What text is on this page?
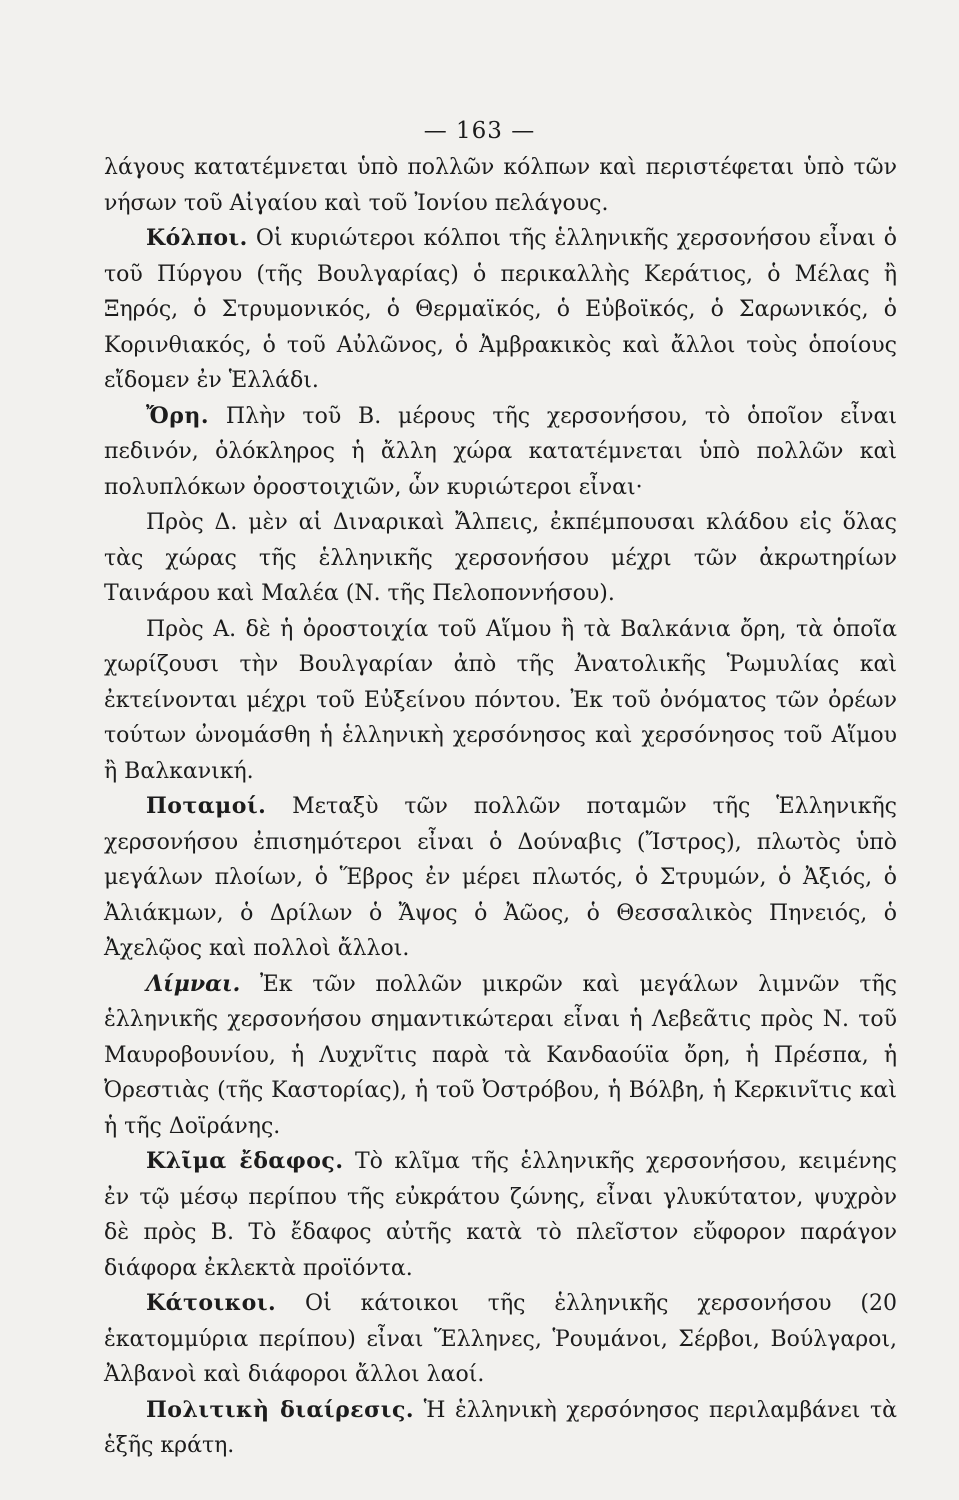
— 163 —

λάγους κατατέμνεται ὑπὸ πολλῶν κόλπων καὶ περιστέφεται ὑπὸ τῶν νήσων τοῦ Αἰγαίου καὶ τοῦ Ἰονίου πελάγους.

Κόλποι. Οἱ κυριώτεροι κόλποι τῆς ἑλληνικῆς χερσονήσου εἶναι ὁ τοῦ Πύργου (τῆς Βουλγαρίας) ὁ περικαλλὴς Κεράτιος, ὁ Μέλας ἢ Ξηρός, ὁ Στρυμονικός, ὁ Θερμαϊκός, ὁ Εὐβοϊκός, ὁ Σαρωνικός, ὁ Κορινθιακός, ὁ τοῦ Αὐλῶνος, ὁ Ἀμβρακικὸς καὶ ἄλλοι τοὺς ὁποίους εἴδομεν ἐν Ἑλλάδι.

Ὄρη. Πλὴν τοῦ Β. μέρους τῆς χερσονήσου, τὸ ὁποῖον εἶναι πεδινόν, ὁλόκληρος ἡ ἄλλη χώρα κατατέμνεται ὑπὸ πολλῶν καὶ πολυπλόκων ὀροστοιχιῶν, ὧν κυριώτεροι εἶναι·

Πρὸς Δ. μὲν αἱ Διναρικαὶ Ἄλπεις, ἐκπέμπουσαι κλάδου εἰς ὅλας τὰς χώρας τῆς ἑλληνικῆς χερσονήσου μέχρι τῶν ἀκρωτηρίων Ταινάρου καὶ Μαλέα (Ν. τῆς Πελοποννήσου).

Πρὸς Α. δὲ ἡ ὀροστοιχία τοῦ Αἵμου ἢ τὰ Βαλκάνια ὄρη, τὰ ὁποῖα χωρίζουσι τὴν Βουλγαρίαν ἀπὸ τῆς Ἀνατολικῆς Ῥωμυλίας καὶ ἐκτείνονται μέχρι τοῦ Εὐξείνου πόντου. Ἐκ τοῦ ὀνόματος τῶν ὀρέων τούτων ὠνομάσθη ἡ ἑλληνικὴ χερσόνησος καὶ χερσόνησος τοῦ Αἵμου ἢ Βαλκανική.

Ποταμοί. Μεταξὺ τῶν πολλῶν ποταμῶν τῆς Ἑλληνικῆς χερσονήσου ἐπισημότεροι εἶναι ὁ Δούναβις (Ἴστρος), πλωτὸς ὑπὸ μεγάλων πλοίων, ὁ Ἕβρος ἐν μέρει πλωτός, ὁ Στρυμών, ὁ Ἀξιός, ὁ Ἀλιάκμων, ὁ Δρίλων ὁ Ἄψος ὁ Ἀῶος, ὁ Θεσσαλικὸς Πηνειός, ὁ Ἀχελῷος καὶ πολλοὶ ἄλλοι.

Λίμναι. Ἐκ τῶν πολλῶν μικρῶν καὶ μεγάλων λιμνῶν τῆς ἑλληνικῆς χερσονήσου σημαντικώτεραι εἶναι ἡ Λεβεᾶτις πρὸς Ν. τοῦ Μαυροβουνίου, ἡ Λυχνῖτις παρὰ τὰ Κανδαούϊα ὄρη, ἡ Πρέσπα, ἡ Ὀρεστιὰς (τῆς Καστορίας), ἡ τοῦ Ὀστρόβου, ἡ Βόλβη, ἡ Κερκινῖτις καὶ ἡ τῆς Δοϊράνης.

Κλῖμα ἔδαφος. Τὸ κλῖμα τῆς ἑλληνικῆς χερσονήσου, κειμένης ἐν τῷ μέσῳ περίπου τῆς εὐκράτου ζώνης, εἶναι γλυκύτατον, ψυχρὸν δὲ πρὸς Β. Τὸ ἔδαφος αὐτῆς κατὰ τὸ πλεῖστον εὔφορον παράγον διάφορα ἐκλεκτὰ προϊόντα.

Κάτοικοι. Οἱ κάτοικοι τῆς ἑλληνικῆς χερσονήσου (20 ἑκατομμύρια περίπου) εἶναι Ἕλληνες, Ῥουμάνοι, Σέρβοι, Βούλγαροι, Ἀλβανοὶ καὶ διάφοροι ἄλλοι λαοί.

Πολιτικὴ διαίρεσις. Ἡ ἑλληνικὴ χερσόνησος περιλαμβάνει τὰ ἑξῆς κράτη.
